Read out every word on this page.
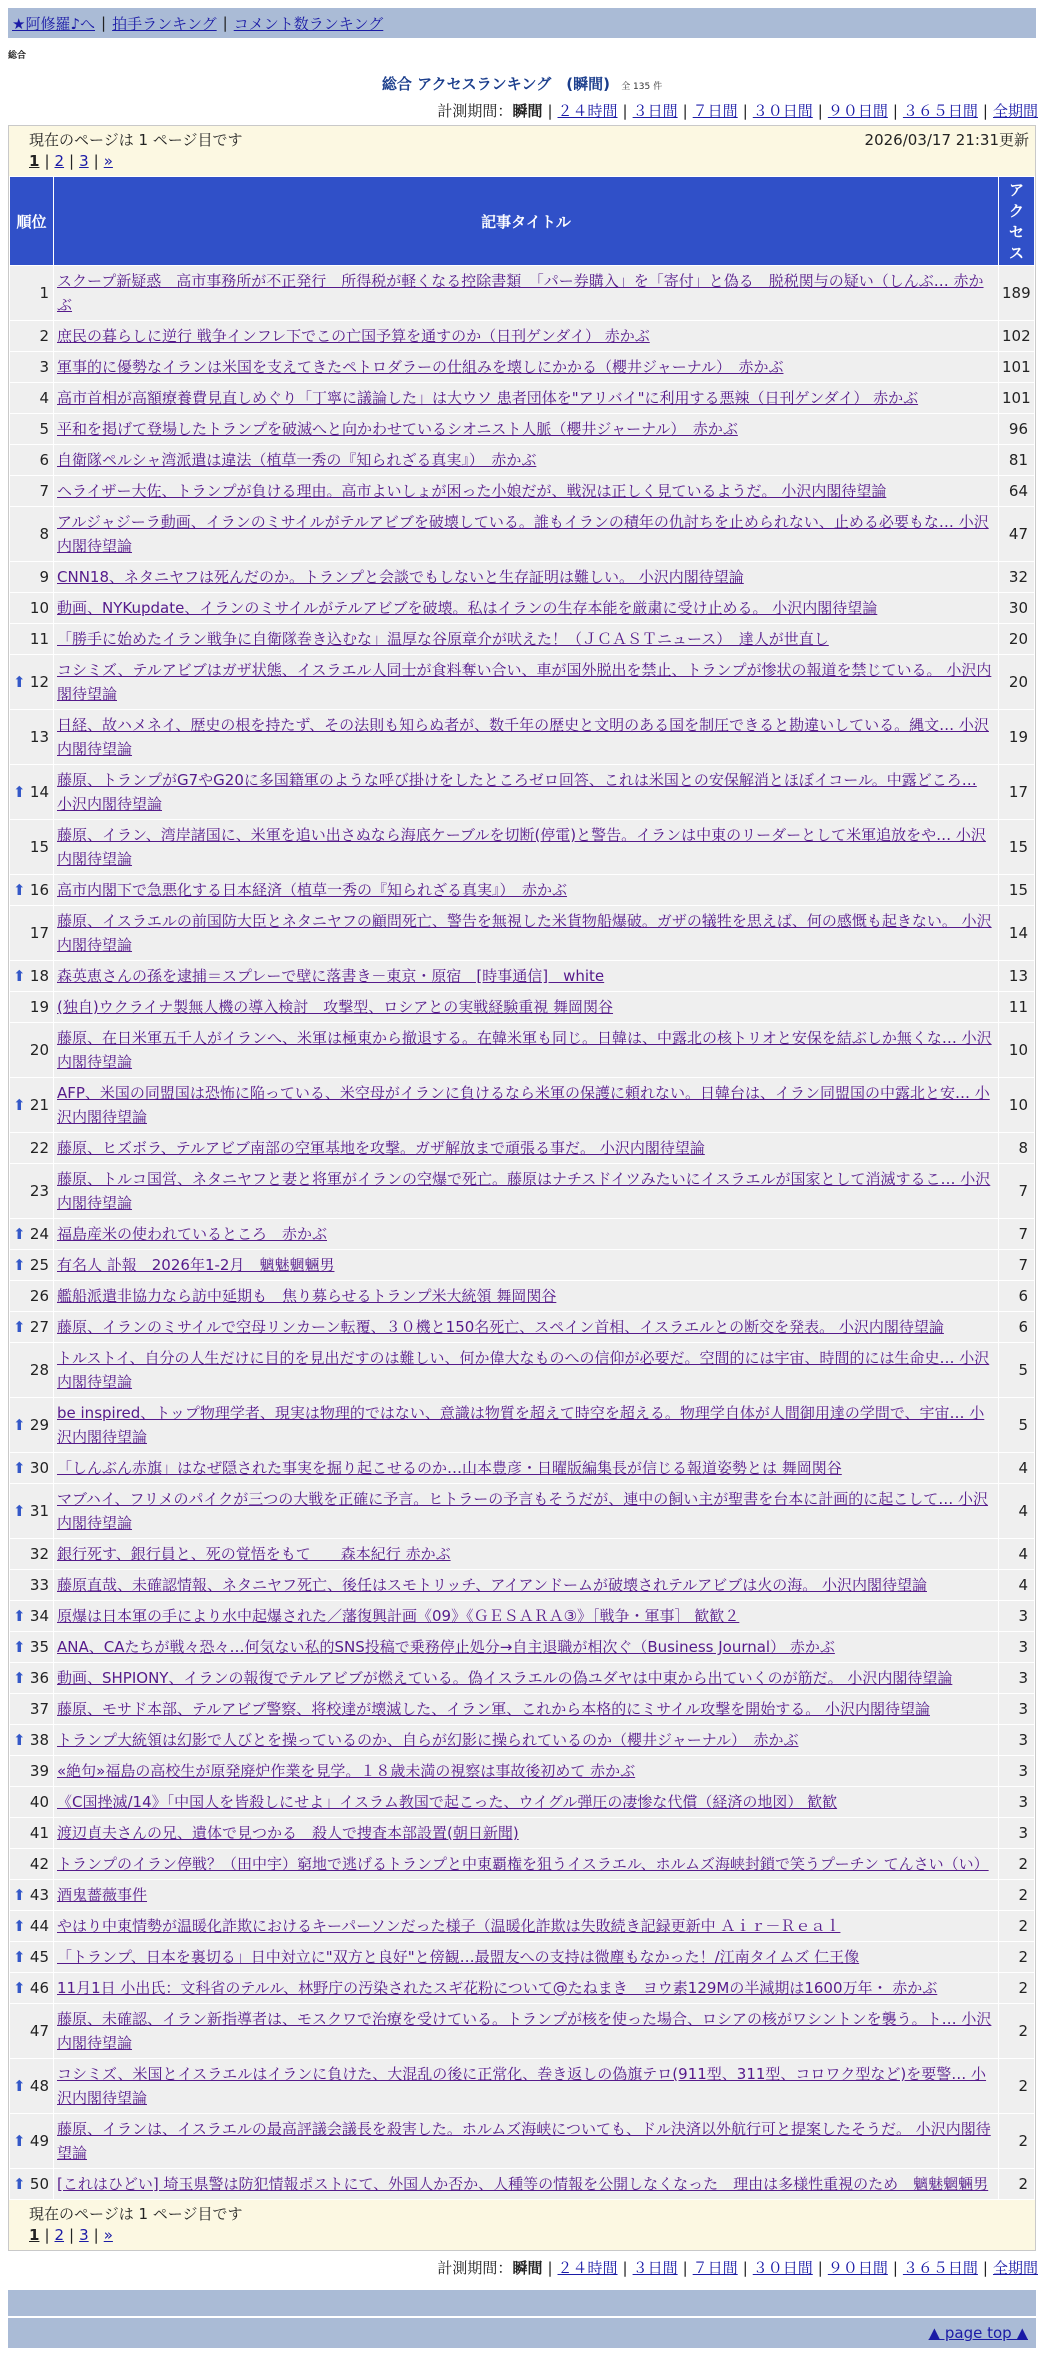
★阿修羅♪へ | 拍手ランキング | コメント数ランキング
総合
総合 アクセスランキング　(瞬間) 全 135 件
計測期間：瞬間 | ２４時間 | ３日間 | ７日間 | ３０日間 | ９０日間 | ３６５日間 | 全期間
現在のページは 1 ページ目です	2026/03/17 21:31更新
1 | 2 | 3 | »
順位	記事タイトル	アクセス
1	スクープ新疑惑　高市事務所が不正発行　所得税が軽くなる控除書類　「パー券購入」を「寄付」と偽る　脱税関与の疑い（しんぶ… 赤かぶ	189
2	庶民の暮らしに逆行 戦争インフレ下でこの亡国予算を通すのか（日刊ゲンダイ） 赤かぶ	102
3	軍事的に優勢なイランは米国を支えてきたペトロダラーの仕組みを壊しにかかる（櫻井ジャーナル）　赤かぶ	101
4	高市首相が高額療養費見直しめぐり「丁寧に議論した」は大ウソ 患者団体を"アリバイ"に利用する悪辣（日刊ゲンダイ） 赤かぶ	101
5	平和を掲げて登場したトランプを破滅へと向かわせているシオニスト人脈（櫻井ジャーナル）　赤かぶ	96
6	自衛隊ペルシャ湾派遣は違法（植草一秀の『知られざる真実』）　赤かぶ	81
7	ヘライザー大佐、トランプが負ける理由。高市よいしょが困った小娘だが、戦況は正しく見ているようだ。 小沢内閣待望論	64
8	アルジャジーラ動画、イランのミサイルがテルアビブを破壊している。誰もイランの積年の仇討ちを止められない、止める必要もな… 小沢内閣待望論	47
9	CNN18、ネタニヤフは死んだのか。トランプと会談でもしないと生存証明は難しい。 小沢内閣待望論	32
10	動画、NYKupdate、イランのミサイルがテルアビブを破壊。私はイランの生存本能を厳粛に受け止める。 小沢内閣待望論	30
11	「勝手に始めたイラン戦争に自衛隊巻き込むな」温厚な谷原章介が吠えた！（ＪＣＡＳＴニュース）　達人が世直し	20

⬆ 12	コシミズ、テルアビブはガザ状態、イスラエル人同士が食料奪い合い、車が国外脱出を禁止、トランプが惨状の報道を禁じている。 小沢内閣待望論	20
13	日経、故ハメネイ、歴史の根を持たず、その法則も知らぬ者が、数千年の歴史と文明のある国を制圧できると勘違いしている。縄文… 小沢内閣待望論	19

⬆ 14	藤原、トランプがG7やG20に多国籍軍のような呼び掛けをしたところゼロ回答、これは米国との安保解消とほぼイコール。中露どころ… 小沢内閣待望論	17
15	藤原、イラン、湾岸諸国に、米軍を追い出さぬなら海底ケーブルを切断(停電)と警告。イランは中東のリーダーとして米軍追放をや… 小沢内閣待望論	15

⬆ 16	高市内閣下で急悪化する日本経済（植草一秀の『知られざる真実』）　赤かぶ	15
17	藤原、イスラエルの前国防大臣とネタニヤフの顧問死亡、警告を無視した米貨物船爆破。ガザの犠牲を思えば、何の感慨も起きない。 小沢内閣待望論	14

⬆ 18	森英恵さんの孫を逮捕＝スプレーで壁に落書き－東京・原宿　[時事通信]　white	13
19	(独自)ウクライナ製無人機の導入検討　攻撃型、ロシアとの実戦経験重視 舞岡関谷	11
20	藤原、在日米軍五千人がイランへ、米軍は極東から撤退する。在韓米軍も同じ。日韓は、中露北の核トリオと安保を結ぶしか無くな… 小沢内閣待望論	10

⬆ 21	AFP、米国の同盟国は恐怖に陥っている、米空母がイランに負けるなら米軍の保護に頼れない。日韓台は、イラン同盟国の中露北と安… 小沢内閣待望論	10
22	藤原、ヒズボラ、テルアビブ南部の空軍基地を攻撃。ガザ解放まで頑張る事だ。 小沢内閣待望論	8
23	藤原、トルコ国営、ネタニヤフと妻と将軍がイランの空爆で死亡。藤原はナチスドイツみたいにイスラエルが国家として消滅するこ… 小沢内閣待望論	7

⬆ 24	福島産米の使われているところ　赤かぶ	7

⬆ 25	有名人 訃報　2026年1-2月　魑魅魍魎男	7
26	艦船派遣非協力なら訪中延期も　焦り募らせるトランプ米大統領 舞岡関谷	6

⬆ 27	藤原、イランのミサイルで空母リンカーン転覆、３０機と150名死亡、スペイン首相、イスラエルとの断交を発表。 小沢内閣待望論	6
28	トルストイ、自分の人生だけに目的を見出だすのは難しい、何か偉大なものへの信仰が必要だ。空間的には宇宙、時間的には生命史… 小沢内閣待望論	5

⬆ 29	be inspired、トップ物理学者、現実は物理的ではない、意識は物質を超えて時空を超える。物理学自体が人間御用達の学問で、宇宙… 小沢内閣待望論	5

⬆ 30	「しんぶん赤旗」はなぜ隠された事実を掘り起こせるのか…山本豊彦・日曜版編集長が信じる報道姿勢とは 舞岡関谷	4

⬆ 31	マブハイ、フリメのパイクが三つの大戦を正確に予言。ヒトラーの予言もそうだが、連中の飼い主が聖書を台本に計画的に起こして… 小沢内閣待望論	4
32	銀行死す、銀行員と、死の覚悟をもて　　森本紀行 赤かぶ	4
33	藤原直哉、未確認情報、ネタニヤフ死亡、後任はスモトリッチ、アイアンドームが破壊されテルアビブは火の海。 小沢内閣待望論	4

⬆ 34	原爆は日本軍の手により水中起爆された／藩復興計画《09》《ＧＥＳＡＲＡ③》［戦争・軍事］ 歓歓２	3

⬆ 35	ANA、CAたちが戦々恐々…何気ない私的SNS投稿で乗務停止処分→自主退職が相次ぐ（Business Journal） 赤かぶ	3

⬆ 36	動画、SHPIONY、イランの報復でテルアビブが燃えている。偽イスラエルの偽ユダヤは中東から出ていくのが筋だ。 小沢内閣待望論	3
37	藤原、モサド本部、テルアビブ警察、将校達が壊滅した、イラン軍、これから本格的にミサイル攻撃を開始する。 小沢内閣待望論	3

⬆ 38	トランプ大統領は幻影で人びとを操っているのか、自らが幻影に操られているのか（櫻井ジャーナル）　赤かぶ	3
39	«絶句»福島の高校生が原発廃炉作業を見学。１８歳未満の視察は事故後初めて 赤かぶ	3
40	《C国挫滅/14》「中国人を皆殺しにせよ」イスラム教国で起こった、ウイグル弾圧の凄惨な代償（経済の地図） 歓歓	3
41	渡辺貞夫さんの兄、遺体で見つかる　殺人で捜査本部設置(朝日新聞)	3
42	トランプのイラン停戦？（田中宇）窮地で逃げるトランプと中東覇権を狙うイスラエル、ホルムズ海峡封鎖で笑うプーチン てんさい（い）	2

⬆ 43	酒鬼薔薇事件	2

⬆ 44	やはり中東情勢が温暖化詐欺におけるキーパーソンだった様子（温暖化詐欺は失敗続き記録更新中 Ａｉｒ－Ｒｅａｌ	2

⬆ 45	「トランプ、日本を裏切る」日中対立に"双方と良好"と傍観…最盟友への支持は微塵もなかった！/江南タイムズ 仁王像	2

⬆ 46	11月1日 小出氏：文科省のテルル、林野庁の汚染されたスギ花粉について@たねまき　ヨウ素129Mの半減期は1600万年・ 赤かぶ	2
47	藤原、未確認、イラン新指導者は、モスクワで治療を受けている。トランプが核を使った場合、ロシアの核がワシントンを襲う。ト… 小沢内閣待望論	2

⬆ 48	コシミズ、米国とイスラエルはイランに負けた、大混乱の後に正常化、巻き返しの偽旗テロ(911型、311型、コロワク型など)を要警… 小沢内閣待望論	2

⬆ 49	藤原、イランは、イスラエルの最高評議会議長を殺害した。ホルムズ海峡についても、ドル決済以外航行可と提案したそうだ。 小沢内閣待望論	2

⬆ 50	[これはひどい] 埼玉県警は防犯情報ポストにて、外国人か否か、人種等の情報を公開しなくなった　理由は多様性重視のため　魑魅魍魎男	2
現在のページは 1 ページ目です
1 | 2 | 3 | »
計測期間：瞬間 | ２４時間 | ３日間 | ７日間 | ３０日間 | ９０日間 | ３６５日間 | 全期間
▲ page top ▲
